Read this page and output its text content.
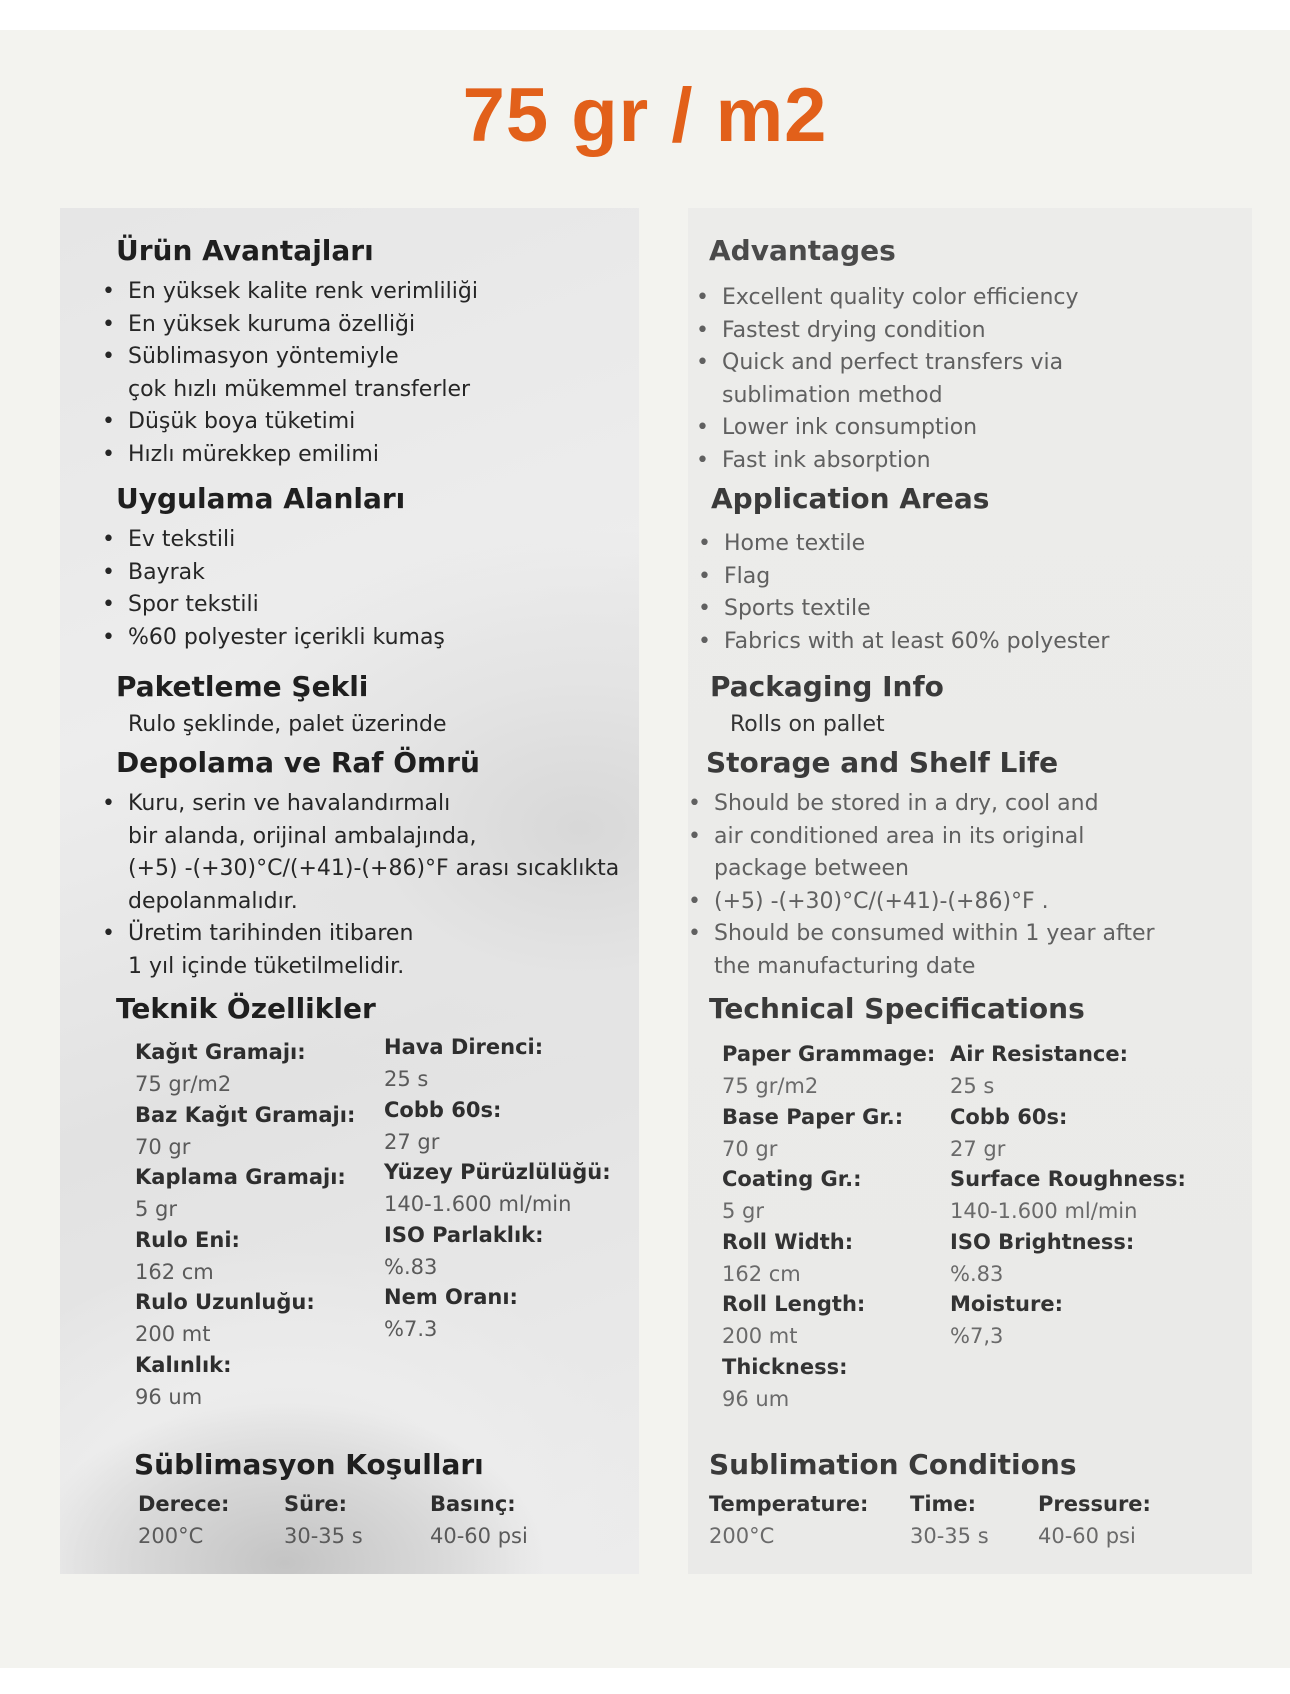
75 gr / m2
Ürün Avantajları
• En yüksek kalite renk verimliliği
• En yüksek kuruma özelliği
• Süblimasyon yöntemiyle
çok hızlı mükemmel transferler
• Düşük boya tüketimi
• Hızlı mürekkep emilimi
Uygulama Alanları
• Ev tekstili
• Bayrak
• Spor tekstili
• %60 polyester içerikli kumaş
Paketleme Şekli
Rulo şeklinde, palet üzerinde
Depolama ve Raf Ömrü
• Kuru, serin ve havalandırmalı
bir alanda, orijinal ambalajında,
(+5) -(+30)°C/(+41)-(+86)°F arası sıcaklıkta
depolanmalıdır.
• Üretim tarihinden itibaren
1 yıl içinde tüketilmelidir.
Teknik Özellikler
Kağıt Gramajı:
75 gr/m2
Baz Kağıt Gramajı:
70 gr
Kaplama Gramajı:
5 gr
Rulo Eni:
162 cm
Rulo Uzunluğu:
200 mt
Kalınlık:
96 um
Hava Direnci:
25 s
Cobb 60s:
27 gr
Yüzey Pürüzlülüğü:
140-1.600 ml/min
ISO Parlaklık:
%.83
Nem Oranı:
%7.3
Süblimasyon Koşulları
Derece:
200°C
Süre:
30-35 s
Basınç:
40-60 psi
Advantages
• Excellent quality color efficiency
• Fastest drying condition
• Quick and perfect transfers via
sublimation method
• Lower ink consumption
• Fast ink absorption
Application Areas
• Home textile
• Flag
• Sports textile
• Fabrics with at least 60% polyester
Packaging Info
Rolls on pallet
Storage and Shelf Life
• Should be stored in a dry, cool and
• air conditioned area in its original
package between
• (+5) -(+30)°C/(+41)-(+86)°F .
• Should be consumed within 1 year after
the manufacturing date
Technical Specifications
Paper Grammage:
75 gr/m2
Base Paper Gr.:
70 gr
Coating Gr.:
5 gr
Roll Width:
162 cm
Roll Length:
200 mt
Thickness:
96 um
Air Resistance:
25 s
Cobb 60s:
27 gr
Surface Roughness:
140-1.600 ml/min
ISO Brightness:
%.83
Moisture:
%7,3
Sublimation Conditions
Temperature:
200°C
Time:
30-35 s
Pressure:
40-60 psi
